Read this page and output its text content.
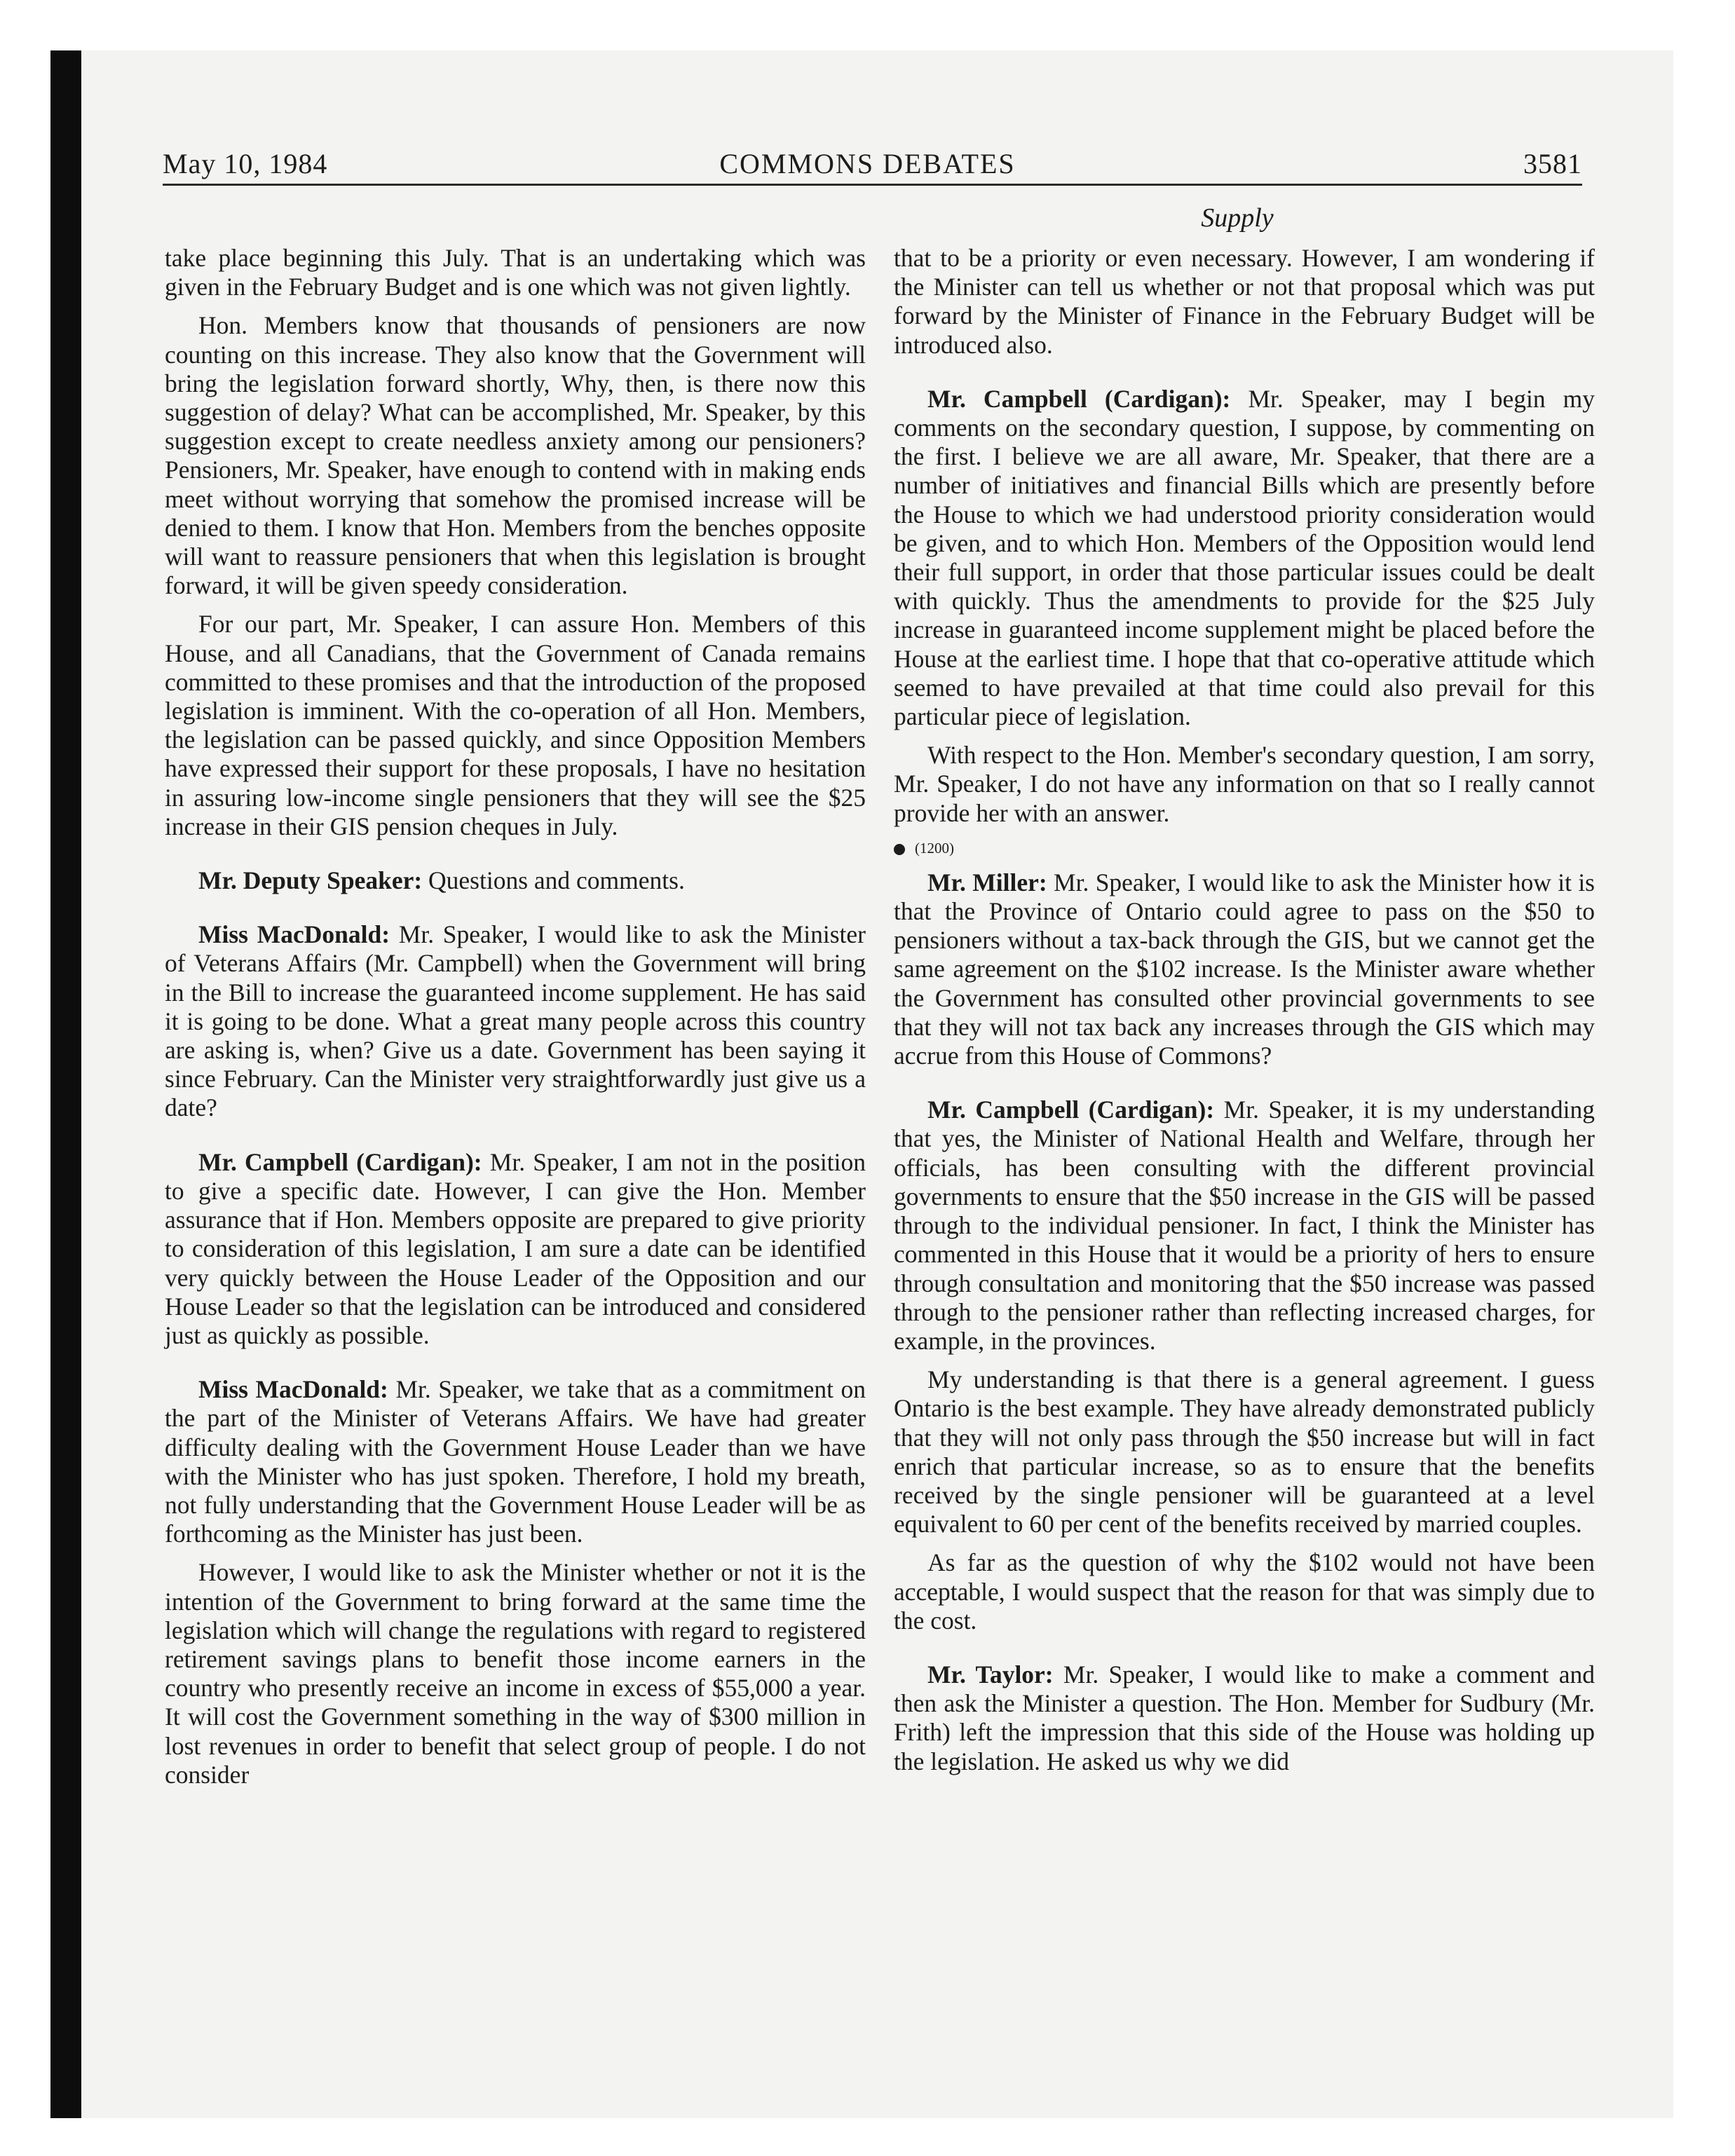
May 10, 1984	COMMONS DEBATES	3581
Supply

take place beginning this July. That is an undertaking which was given in the February Budget and is one which was not given lightly.

Hon. Members know that thousands of pensioners are now counting on this increase. They also know that the Government will bring the legislation forward shortly, Why, then, is there now this suggestion of delay? What can be accomplished, Mr. Speaker, by this suggestion except to create needless anxiety among our pensioners? Pensioners, Mr. Speaker, have enough to contend with in making ends meet without worrying that somehow the promised increase will be denied to them. I know that Hon. Members from the benches opposite will want to reassure pensioners that when this legislation is brought forward, it will be given speedy consideration.

For our part, Mr. Speaker, I can assure Hon. Members of this House, and all Canadians, that the Government of Canada remains committed to these promises and that the introduction of the proposed legislation is imminent. With the co-operation of all Hon. Members, the legislation can be passed quickly, and since Opposition Members have expressed their support for these proposals, I have no hesitation in assuring low-income single pensioners that they will see the $25 increase in their GIS pension cheques in July.

Mr. Deputy Speaker: Questions and comments.

Miss MacDonald: Mr. Speaker, I would like to ask the Minister of Veterans Affairs (Mr. Campbell) when the Government will bring in the Bill to increase the guaranteed income supplement. He has said it is going to be done. What a great many people across this country are asking is, when? Give us a date. Government has been saying it since February. Can the Minister very straightforwardly just give us a date?

Mr. Campbell (Cardigan): Mr. Speaker, I am not in the position to give a specific date. However, I can give the Hon. Member assurance that if Hon. Members opposite are prepared to give priority to consideration of this legislation, I am sure a date can be identified very quickly between the House Leader of the Opposition and our House Leader so that the legislation can be introduced and considered just as quickly as possible.

Miss MacDonald: Mr. Speaker, we take that as a commitment on the part of the Minister of Veterans Affairs. We have had greater difficulty dealing with the Government House Leader than we have with the Minister who has just spoken. Therefore, I hold my breath, not fully understanding that the Government House Leader will be as forthcoming as the Minister has just been.

However, I would like to ask the Minister whether or not it is the intention of the Government to bring forward at the same time the legislation which will change the regulations with regard to registered retirement savings plans to benefit those income earners in the country who presently receive an income in excess of $55,000 a year. It will cost the Government something in the way of $300 million in lost revenues in order to benefit that select group of people. I do not consider

that to be a priority or even necessary. However, I am wondering if the Minister can tell us whether or not that proposal which was put forward by the Minister of Finance in the February Budget will be introduced also.

Mr. Campbell (Cardigan): Mr. Speaker, may I begin my comments on the secondary question, I suppose, by commenting on the first. I believe we are all aware, Mr. Speaker, that there are a number of initiatives and financial Bills which are presently before the House to which we had understood priority consideration would be given, and to which Hon. Members of the Opposition would lend their full support, in order that those particular issues could be dealt with quickly. Thus the amendments to provide for the $25 July increase in guaranteed income supplement might be placed before the House at the earliest time. I hope that that co-operative attitude which seemed to have prevailed at that time could also prevail for this particular piece of legislation.

With respect to the Hon. Member's secondary question, I am sorry, Mr. Speaker, I do not have any information on that so I really cannot provide her with an answer.

(1200)

Mr. Miller: Mr. Speaker, I would like to ask the Minister how it is that the Province of Ontario could agree to pass on the $50 to pensioners without a tax-back through the GIS, but we cannot get the same agreement on the $102 increase. Is the Minister aware whether the Government has consulted other provincial governments to see that they will not tax back any increases through the GIS which may accrue from this House of Commons?

Mr. Campbell (Cardigan): Mr. Speaker, it is my understanding that yes, the Minister of National Health and Welfare, through her officials, has been consulting with the different provincial governments to ensure that the $50 increase in the GIS will be passed through to the individual pensioner. In fact, I think the Minister has commented in this House that it would be a priority of hers to ensure through consultation and monitoring that the $50 increase was passed through to the pensioner rather than reflecting increased charges, for example, in the provinces.

My understanding is that there is a general agreement. I guess Ontario is the best example. They have already demonstrated publicly that they will not only pass through the $50 increase but will in fact enrich that particular increase, so as to ensure that the benefits received by the single pensioner will be guaranteed at a level equivalent to 60 per cent of the benefits received by married couples.

As far as the question of why the $102 would not have been acceptable, I would suspect that the reason for that was simply due to the cost.

Mr. Taylor: Mr. Speaker, I would like to make a comment and then ask the Minister a question. The Hon. Member for Sudbury (Mr. Frith) left the impression that this side of the House was holding up the legislation. He asked us why we did
